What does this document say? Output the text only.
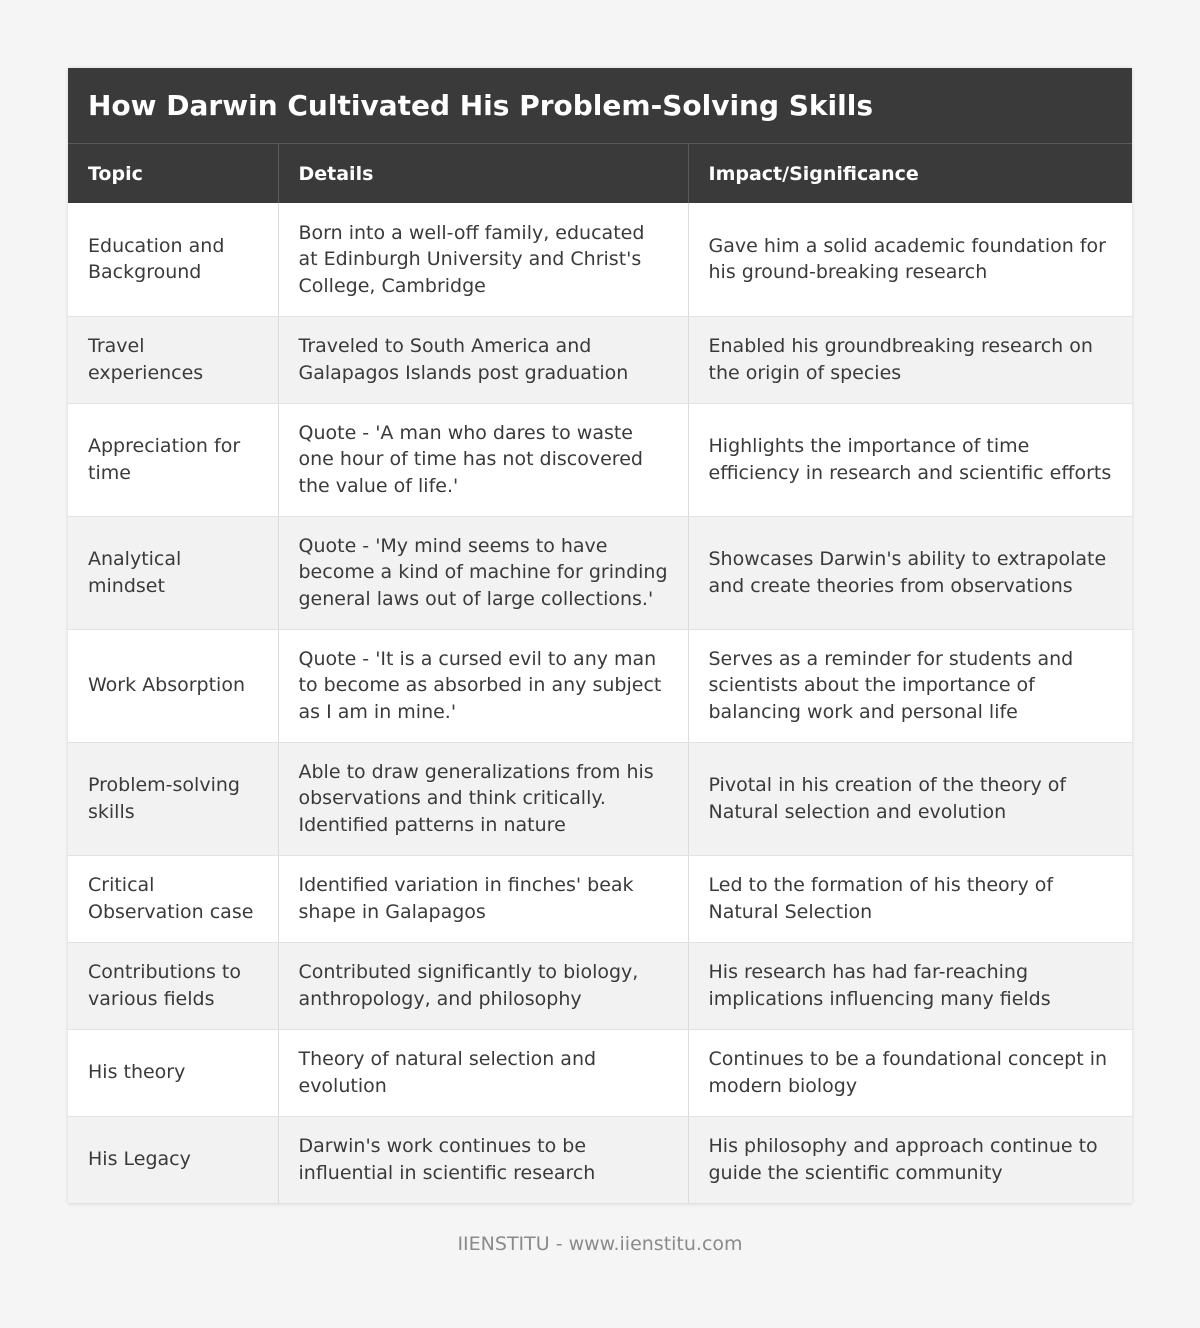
How Darwin Cultivated His Problem-Solving Skills
Topic	Details	Impact/Significance
Education and Background	Born into a well-off family, educated at Edinburgh University and Christ's College, Cambridge	Gave him a solid academic foundation for his ground-breaking research
Travel experiences	Traveled to South America and Galapagos Islands post graduation	Enabled his groundbreaking research on the origin of species
Appreciation for time	Quote - 'A man who dares to waste one hour of time has not discovered the value of life.'	Highlights the importance of time efficiency in research and scientific efforts
Analytical mindset	Quote - 'My mind seems to have become a kind of machine for grinding general laws out of large collections.'	Showcases Darwin's ability to extrapolate and create theories from observations
Work Absorption	Quote - 'It is a cursed evil to any man to become as absorbed in any subject as I am in mine.'	Serves as a reminder for students and scientists about the importance of balancing work and personal life
Problem-solving skills	Able to draw generalizations from his observations and think critically. Identified patterns in nature	Pivotal in his creation of the theory of Natural selection and evolution
Critical Observation case	Identified variation in finches' beak shape in Galapagos	Led to the formation of his theory of Natural Selection
Contributions to various fields	Contributed significantly to biology, anthropology, and philosophy	His research has had far-reaching implications influencing many fields
His theory	Theory of natural selection and evolution	Continues to be a foundational concept in modern biology
His Legacy	Darwin's work continues to be influential in scientific research	His philosophy and approach continue to guide the scientific community
IIENSTITU - www.iienstitu.com
